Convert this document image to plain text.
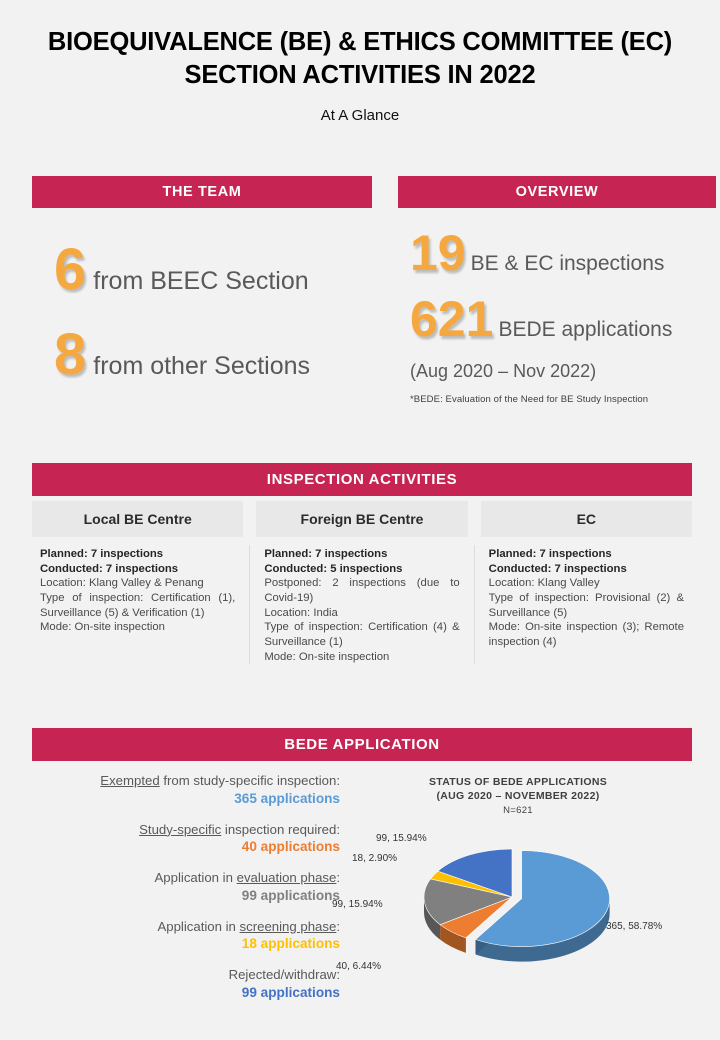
BIOEQUIVALENCE (BE) & ETHICS COMMITTEE (EC) SECTION ACTIVITIES IN 2022
At A Glance
THE TEAM
6 from BEEC Section
8 from other Sections
OVERVIEW
19 BE & EC inspections
621 BEDE applications
(Aug 2020 – Nov 2022)
*BEDE: Evaluation of the Need for BE Study Inspection
INSPECTION ACTIVITIES
Local BE Centre
Planned: 7 inspections
Conducted: 7 inspections

Location: Klang Valley & Penang

Type of inspection: Certification (1), Surveillance (5) & Verification (1)

Mode: On-site inspection

Foreign BE Centre
Planned: 7 inspections
Conducted: 5 inspections

Postponed: 2 inspections (due to Covid-19)

Location: India

Type of inspection: Certification (4) & Surveillance (1)

Mode: On-site inspection

EC
Planned: 7 inspections
Conducted: 7 inspections

Location: Klang Valley

Type of inspection: Provisional (2) & Surveillance (5)

Mode: On-site inspection (3); Remote inspection (4)

BEDE APPLICATION
Exempted from study-specific inspection:
365 applications
Study-specific inspection required:
40 applications
Application in evaluation phase:
99 applications
Application in screening phase:
18 applications
Rejected/withdraw:
99 applications
STATUS OF BEDE APPLICATIONS
(AUG 2020 – NOVEMBER 2022)
N=621
365, 58.78%
40, 6.44%
99, 15.94%
18, 2.90%
99, 15.94%
